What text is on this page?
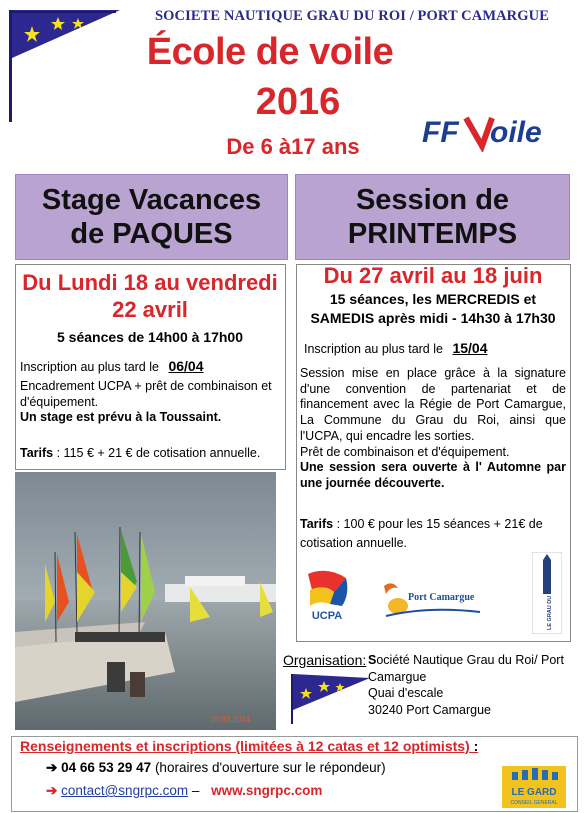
SOCIETE NAUTIQUE GRAU DU ROI / PORT CAMARGUE
École de voile
2016
De 6 à17 ans	FF oile
Stage Vacances
de PAQUES
Session de
PRINTEMPS
Du Lundi 18 au vendredi
22 avril
5 séances de 14h00 à 17h00
Inscription au plus tard le 06/04
Encadrement UCPA + prêt de combinaison et d'équipement.
Un stage est prévu à la Toussaint.
Tarifs : 115 € + 21 € de cotisation annuelle.
28.03.2014
Du 27 avril au 18 juin
15 séances, les MERCREDIS et
SAMEDIS après midi - 14h30 à 17h30
Inscription au plus tard le 15/04
Session mise en place grâce à la signature d'une convention de partenariat et de financement avec la Régie de Port Camargue, La Commune du Grau du Roi, ainsi que l'UCPA, qui encadre les sorties.
Prêt de combinaison et d'équipement.
Une session sera ouverte à l' Automne par une journée découverte.
Tarifs : 100 € pour les 15 séances + 21€ de cotisation annuelle.
UCPA
Port Camargue	LE GRAU DU ROI
Organisation: Société Nautique Grau du Roi/ Port Camargue
Quai d'escale
30240 Port Camargue
Renseignements et inscriptions (limitées à 12 catas et 12 optimists) :
➔ 04 66 53 29 47 (horaires d'ouverture sur le répondeur)
➔ contact@sngrpc.com – www.sngrpc.com	LE GARD
CONSEIL GENERAL
